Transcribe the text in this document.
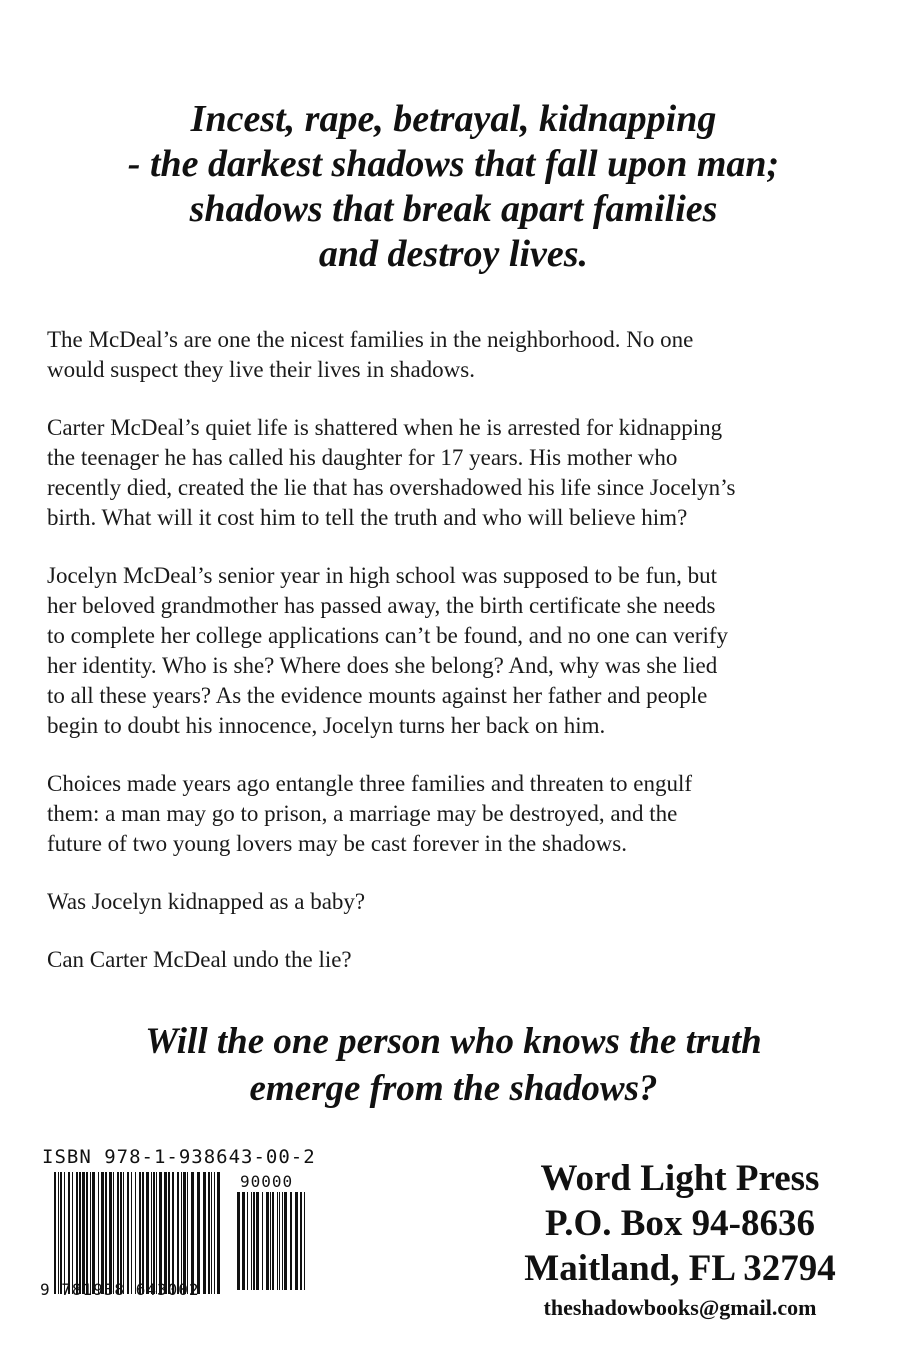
Incest, rape, betrayal, kidnapping
- the darkest shadows that fall upon man;
shadows that break apart families
and destroy lives.

The McDeal’s are one the nicest families in the neighborhood. No one
would suspect they live their lives in shadows.

Carter McDeal’s quiet life is shattered when he is arrested for kidnapping
the teenager he has called his daughter for 17 years. His mother who
recently died, created the lie that has overshadowed his life since Jocelyn’s
birth. What will it cost him to tell the truth and who will believe him?

Jocelyn McDeal’s senior year in high school was supposed to be fun, but
her beloved grandmother has passed away, the birth certificate she needs
to complete her college applications can’t be found, and no one can verify
her identity. Who is she? Where does she belong? And, why was she lied
to all these years? As the evidence mounts against her father and people
begin to doubt his innocence, Jocelyn turns her back on him.

Choices made years ago entangle three families and threaten to engulf
them: a man may go to prison, a marriage may be destroyed, and the
future of two young lovers may be cast forever in the shadows.

Was Jocelyn kidnapped as a baby?

Can Carter McDeal undo the lie?

Will the one person who knows the truth
emerge from the shadows?
ISBN 978-1-938643-00-2
90000
9 781938 643002
Word Light Press
P.O. Box 94-8636
Maitland, FL 32794
theshadowbooks@gmail.com
